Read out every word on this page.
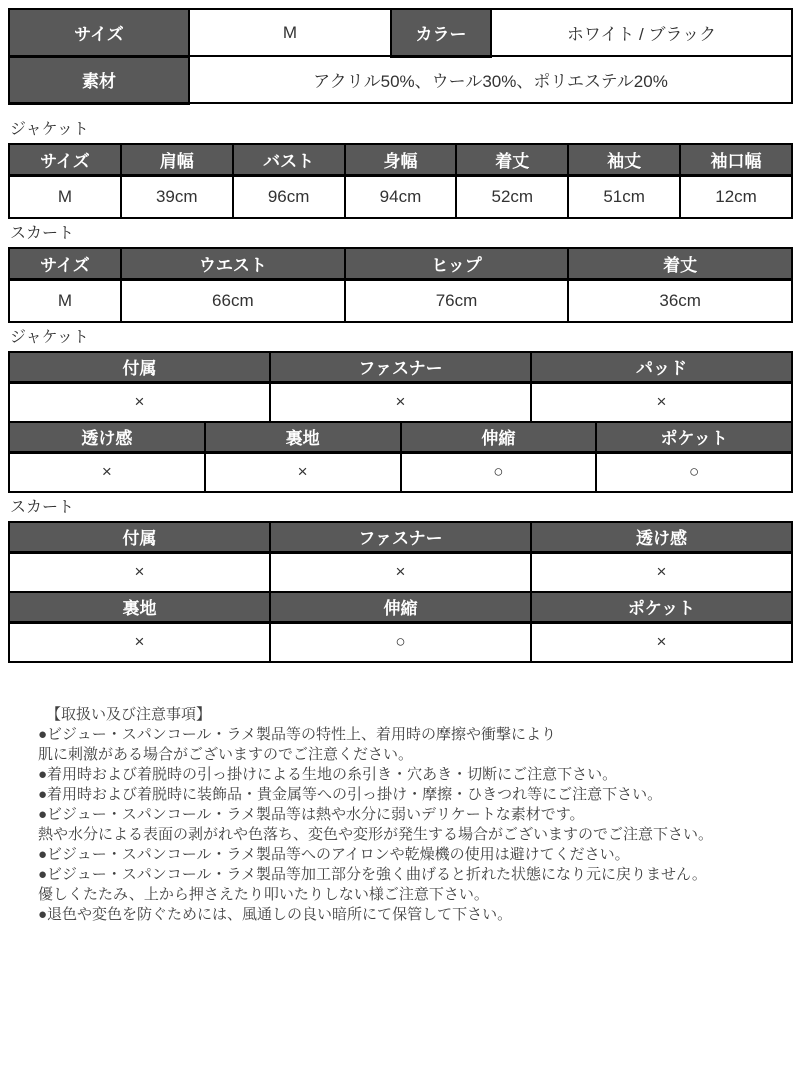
サイズ	M	カラー	ホワイト / ブラック
素材	アクリル50%、ウール30%、ポリエステル20%		
ジャケット
サイズ	肩幅	バスト	身幅	着丈	袖丈	袖口幅
M	39cm	96cm	94cm	52cm	51cm	12cm
スカート
サイズ	ウエスト	ヒップ	着丈
M	66cm	76cm	36cm
ジャケット
付属	ファスナー	パッド
×	×	×
透け感	裏地	伸縮	ポケット
×	×	○	○
スカート
付属	ファスナー	透け感
×	×	×
裏地	伸縮	ポケット
×	○	×
【取扱い及び注意事項】
●ビジュー・スパンコール・ラメ製品等の特性上、着用時の摩擦や衝撃により
肌に刺激がある場合がございますのでご注意ください。
●着用時および着脱時の引っ掛けによる生地の糸引き・穴あき・切断にご注意下さい。
●着用時および着脱時に装飾品・貴金属等への引っ掛け・摩擦・ひきつれ等にご注意下さい。
●ビジュー・スパンコール・ラメ製品等は熱や水分に弱いデリケートな素材です。
熱や水分による表面の剥がれや色落ち、変色や変形が発生する場合がございますのでご注意下さい。
●ビジュー・スパンコール・ラメ製品等へのアイロンや乾燥機の使用は避けてください。
●ビジュー・スパンコール・ラメ製品等加工部分を強く曲げると折れた状態になり元に戻りません。
優しくたたみ、上から押さえたり叩いたりしない様ご注意下さい。
●退色や変色を防ぐためには、風通しの良い暗所にて保管して下さい。
